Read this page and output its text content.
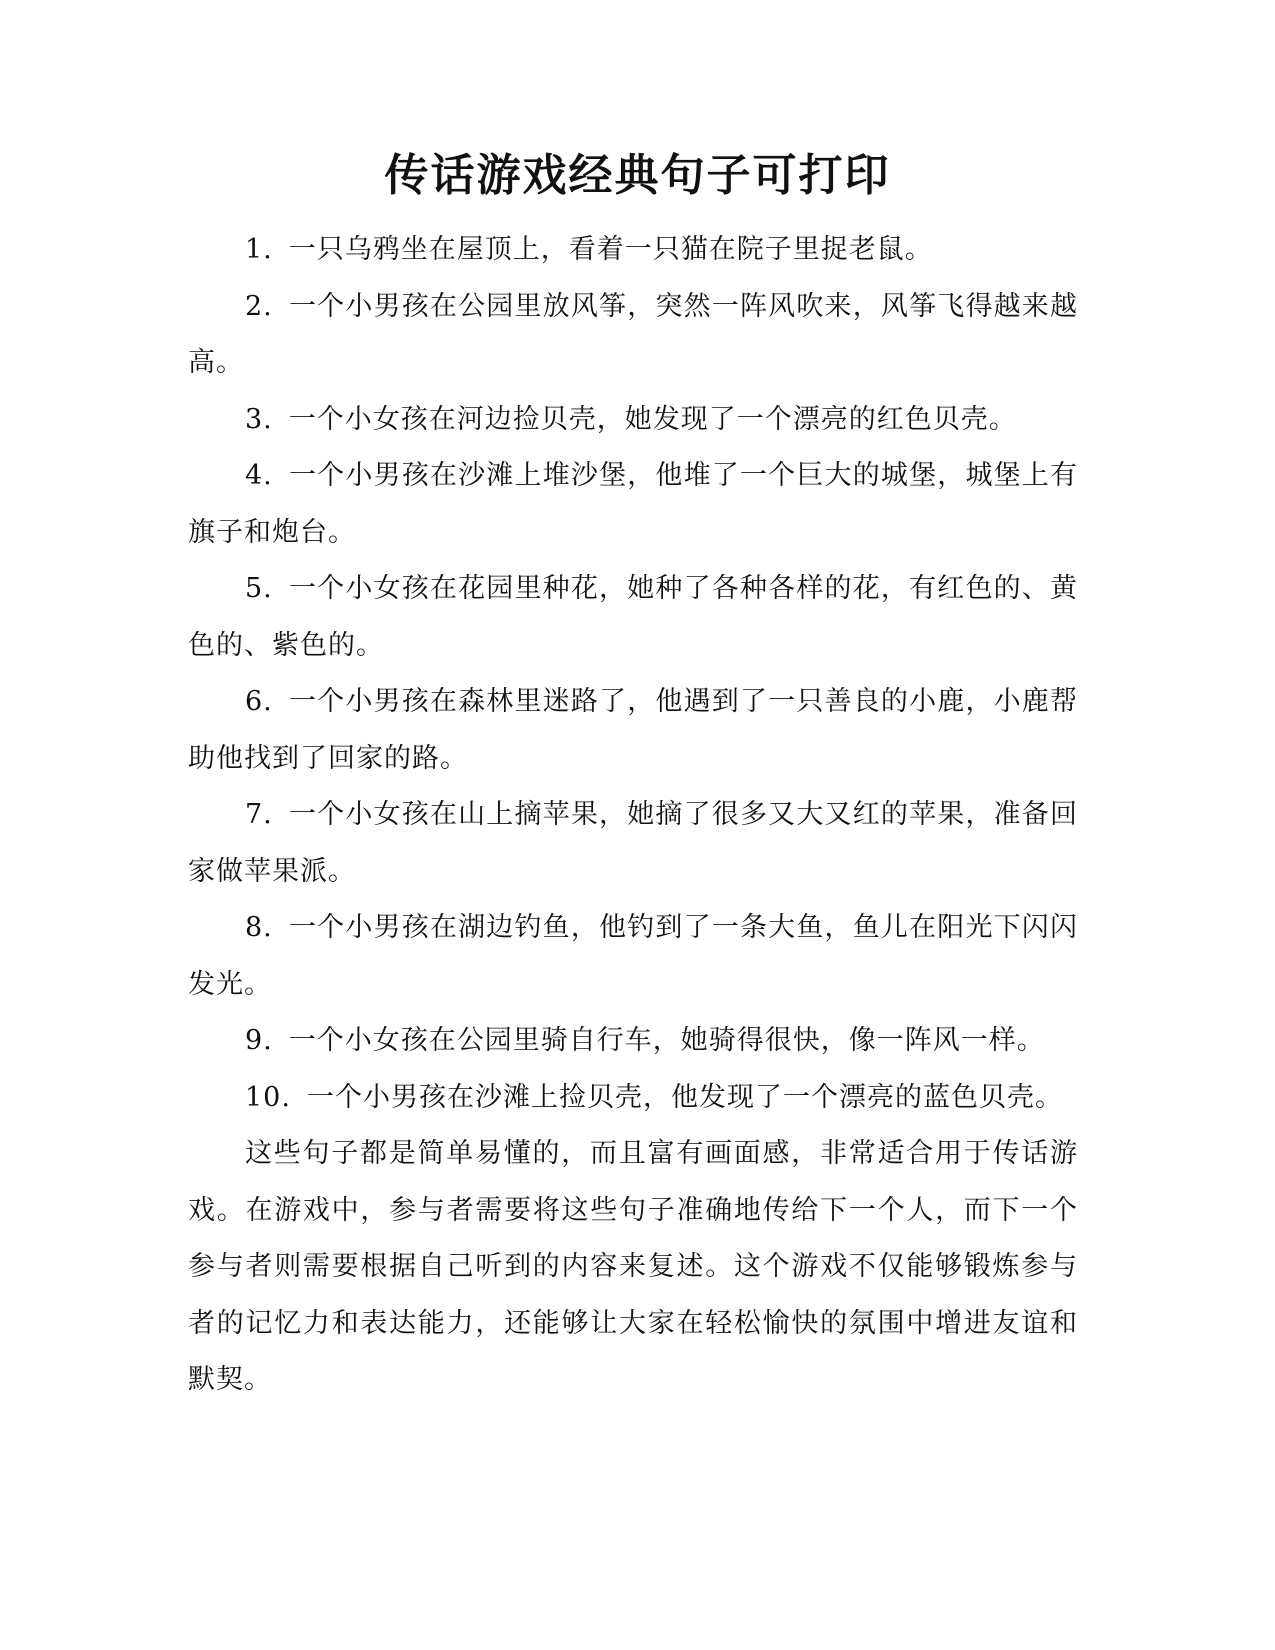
传话游戏经典句子可打印

1. 一只乌鸦坐在屋顶上，看着一只猫在院子里捉老鼠。

2. 一个小男孩在公园里放风筝，突然一阵风吹来，风筝飞得越来越高。

3. 一个小女孩在河边捡贝壳，她发现了一个漂亮的红色贝壳。

4. 一个小男孩在沙滩上堆沙堡，他堆了一个巨大的城堡，城堡上有旗子和炮台。

5. 一个小女孩在花园里种花，她种了各种各样的花，有红色的、黄色的、紫色的。

6. 一个小男孩在森林里迷路了，他遇到了一只善良的小鹿，小鹿帮助他找到了回家的路。

7. 一个小女孩在山上摘苹果，她摘了很多又大又红的苹果，准备回家做苹果派。

8. 一个小男孩在湖边钓鱼，他钓到了一条大鱼，鱼儿在阳光下闪闪发光。

9. 一个小女孩在公园里骑自行车，她骑得很快，像一阵风一样。

10. 一个小男孩在沙滩上捡贝壳，他发现了一个漂亮的蓝色贝壳。

这些句子都是简单易懂的，而且富有画面感，非常适合用于传话游戏。在游戏中，参与者需要将这些句子准确地传给下一个人，而下一个参与者则需要根据自己听到的内容来复述。这个游戏不仅能够锻炼参与者的记忆力和表达能力，还能够让大家在轻松愉快的氛围中增进友谊和默契。
